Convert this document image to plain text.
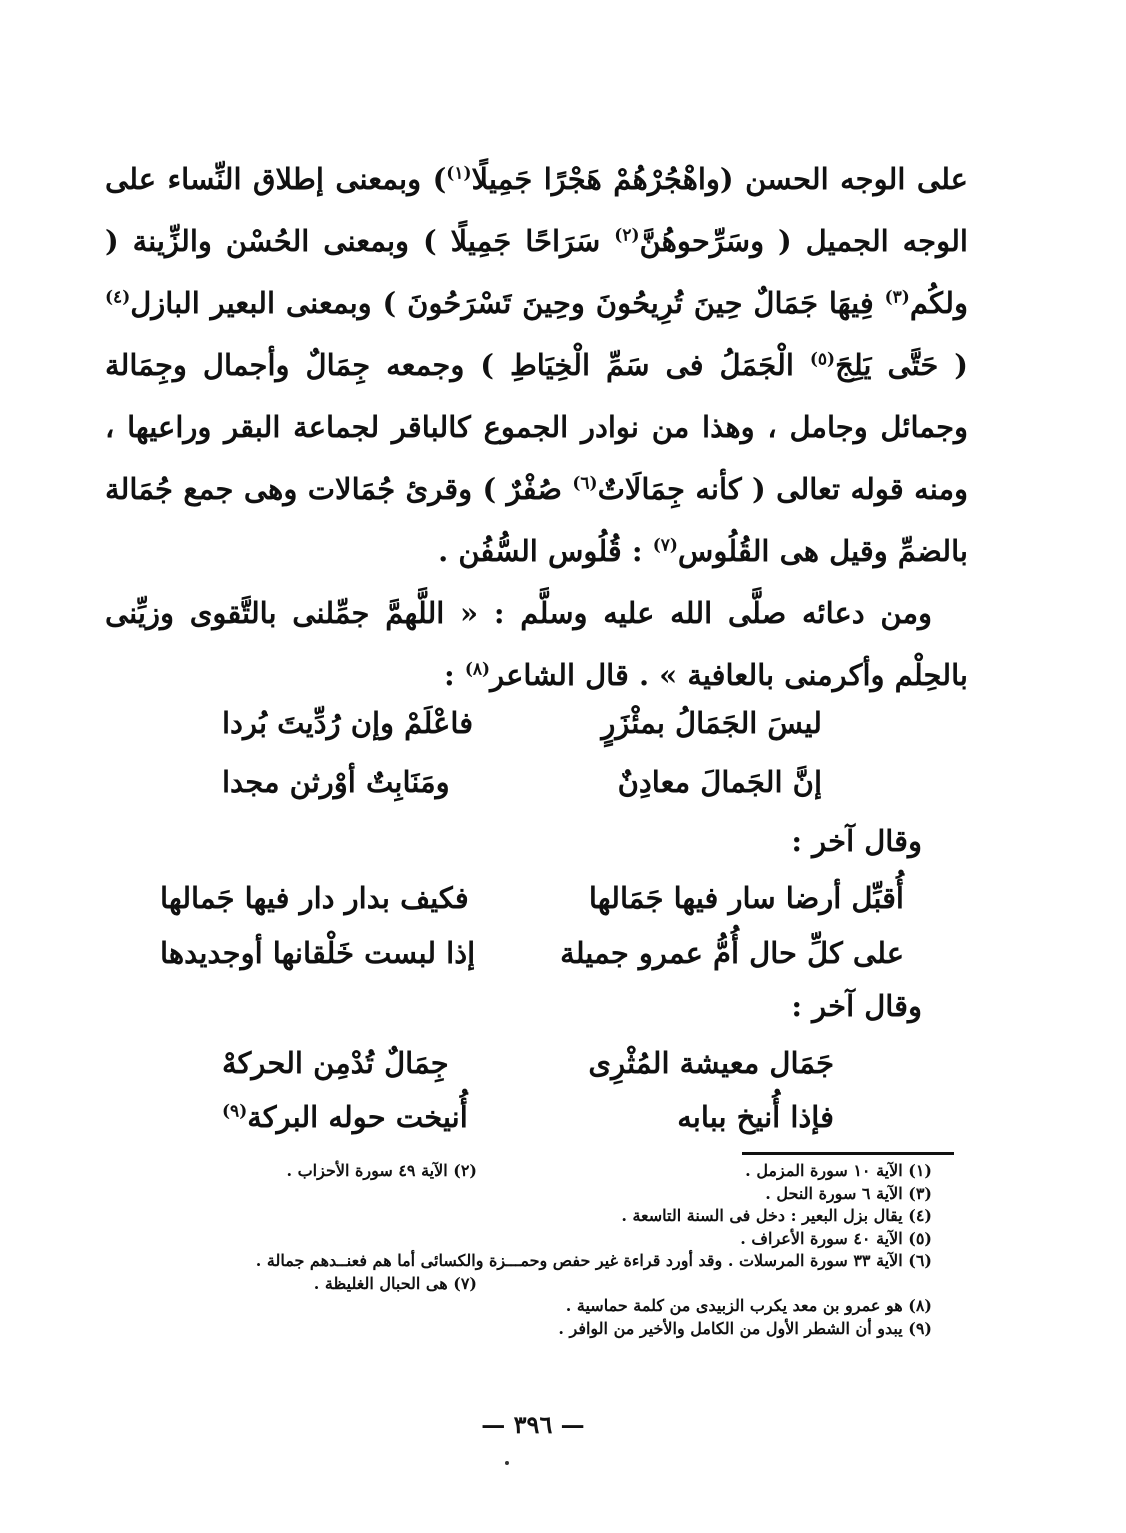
على الوجه الحسن (واهْجُرْهُمْ هَجْرًا جَمِيلًا$^{(١)}$) وبمعنى إطلاق النِّساء على الوجه الجميل ( وسَرِّحوهُنَّ$^{(٢)}$ سَرَاحًا جَمِيلًا ) وبمعنى الحُسْن والزِّينة ( ولكُم$^{(٣)}$ فِيهَا جَمَالٌ حِينَ تُرِيحُونَ وحِينَ تَسْرَحُونَ ) وبمعنى البعير البازل$^{(٤)}$ ( حَتَّى يَلِجَ$^{(٥)}$ الْجَمَلُ فى سَمِّ الْخِيَاطِ ) وجمعه جِمَالٌ وأجمال وجِمَالة وجمائل وجامل ، وهذا من نوادر الجموع كالباقر لجماعة البقر وراعيها ، ومنه قوله تعالى ( كأنه جِمَالَاتٌ$^{(٦)}$ صُفْرٌ ) وقرئ جُمَالات وهى جمع جُمَالة بالضمِّ وقيل هى القُلُوس$^{(٧)}$ : قُلُوس السُّفُن .

ومن دعائه صلَّى الله عليه وسلَّم : « اللَّهمَّ جمِّلنى بالتَّقوى وزيِّنى بالحِلْم وأكرمنى بالعافية » . قال الشاعر$^{(٨)}$ :

ليسَ الجَمَالُ بمئْزَرٍ
فاعْلَمْ وإن رُدِّيتَ بُردا
إنَّ الجَمالَ معادِنٌ
ومَنَابِتٌ أوْرثن مجدا
وقال آخر :
أُقبِّل أرضا سار فيها جَمَالها
فكيف بدار دار فيها جَمالها
على كلِّ حال أُمُّ عمرو جميلة
إذا لبست خَلْقانها أوجديدها
وقال آخر :
جَمَال معيشة المُثْرِى
جِمَالٌ تُدْمِن الحركهْ
فإذا أُنيخ ببابه
أُنيخت حوله البركة$^{(٩)}$
(١) الآية ١٠ سورة المزمل .
(٢) الآية ٤٩ سورة الأحزاب .
(٣) الآية ٦ سورة النحل .
(٤) يقال بزل البعير : دخل فى السنة التاسعة .
(٥) الآية ٤٠ سورة الأعراف .
(٦) الآية ٣٣ سورة المرسلات . وقد أورد قراءة غير حفص وحمـــزة والكسائى أما هم فعنــدهم جمالة .
(٧) هى الحبال الغليظة .
(٨) هو عمرو بن معد يكرب الزبيدى من كلمة حماسية .
(٩) يبدو أن الشطر الأول من الكامل والأخير من الوافر .
— ٣٩٦ —
